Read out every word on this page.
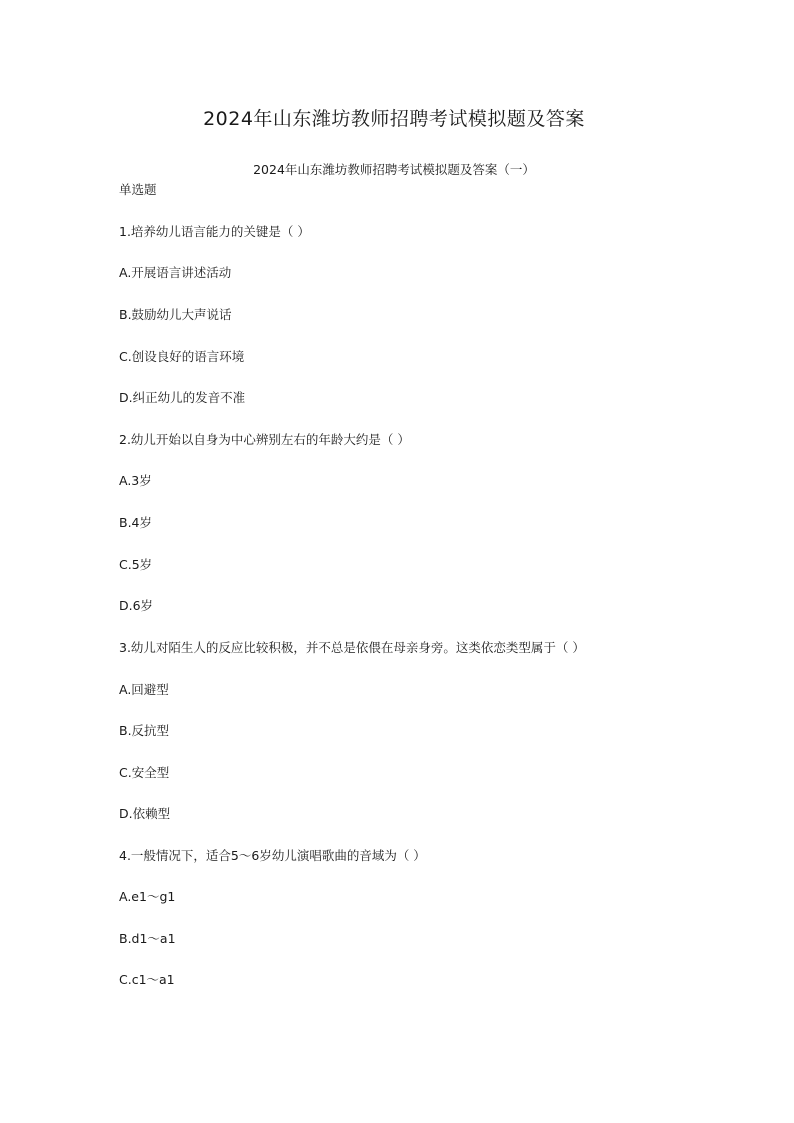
2024年山东潍坊教师招聘考试模拟题及答案
2024年山东潍坊教师招聘考试模拟题及答案（一）
单选题
1.培养幼儿语言能力的关键是（ ）
A.开展语言讲述活动
B.鼓励幼儿大声说话
C.创设良好的语言环境
D.纠正幼儿的发音不准
2.幼儿开始以自身为中心辨别左右的年龄大约是（ ）
A.3岁
B.4岁
C.5岁
D.6岁
3.幼儿对陌生人的反应比较积极，并不总是依偎在母亲身旁。这类依恋类型属于（ ）
A.回避型
B.反抗型
C.安全型
D.依赖型
4.一般情况下，适合5～6岁幼儿演唱歌曲的音域为（ ）
A.e1～g1
B.d1～a1
C.c1～a1
